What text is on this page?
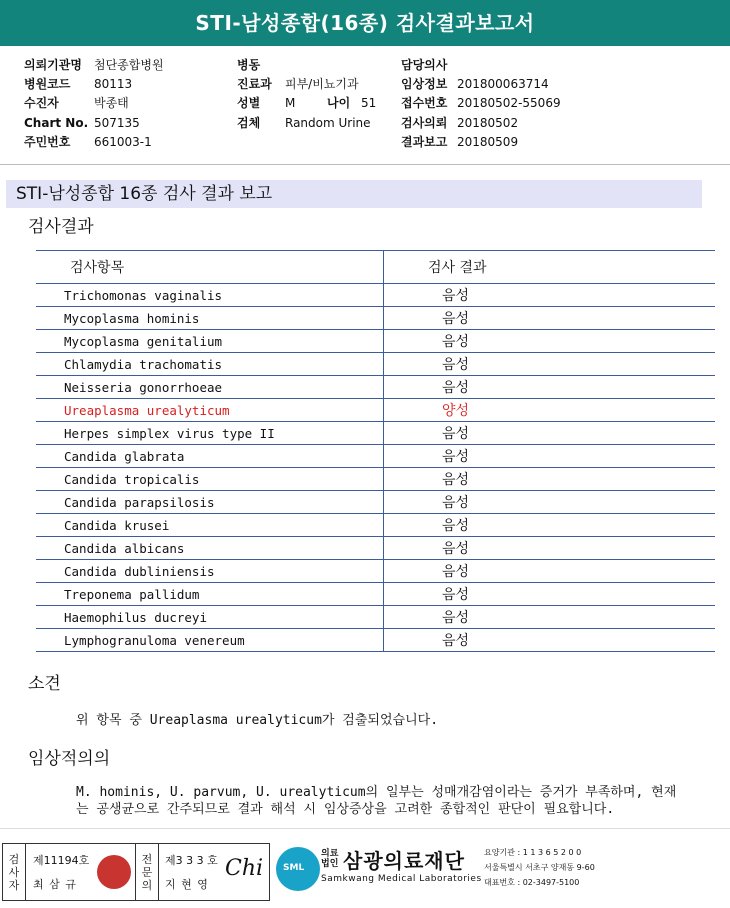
STI-남성종합(16종) 검사결과보고서
의뢰기관명 첨단종합병원
병원코드 80113
수진자	박종태
Chart No. 507135
주민번호 661003-1
병동
진료과 피부/비뇨기과
성별 M	나이 51
검체 Random Urine
담당의사
임상정보 201800063714
접수번호 20180502-55069
검사의뢰 20180502
결과보고 20180509
STI-남성종합 16종 검사 결과 보고
검사결과
검사항목	검사 결과
Trichomonas vaginalis	음성
Mycoplasma hominis	음성
Mycoplasma genitalium	음성
Chlamydia trachomatis	음성
Neisseria gonorrhoeae	음성
Ureaplasma urealyticum	양성
Herpes simplex virus type II	음성
Candida glabrata	음성
Candida tropicalis	음성
Candida parapsilosis	음성
Candida krusei	음성
Candida albicans	음성
Candida dubliniensis	음성
Treponema pallidum	음성
Haemophilus ducreyi	음성
Lymphogranuloma venereum	음성
소견
위 항목 중 Ureaplasma urealyticum가 검출되었습니다.
임상적의의
M. hominis, U. parvum, U. urealyticum의 일부는 성매개감염이라는 증거가 부족하며, 현재
는 공생균으로 간주되므로 결과 해석 시 임상증상을 고려한 종합적인 판단이 필요합니다.
검
사
자
제11194호
최 삼 규
전
문
의
제3 3 3 호
지 현 영
Chi SML
의료
법인 삼광의료재단
Samkwang Medical Laboratories
요양기관 : 1 1 3 6 5 2 0 0
서울특별시 서초구 양재동 9-60
대표번호 : 02-3497-5100
